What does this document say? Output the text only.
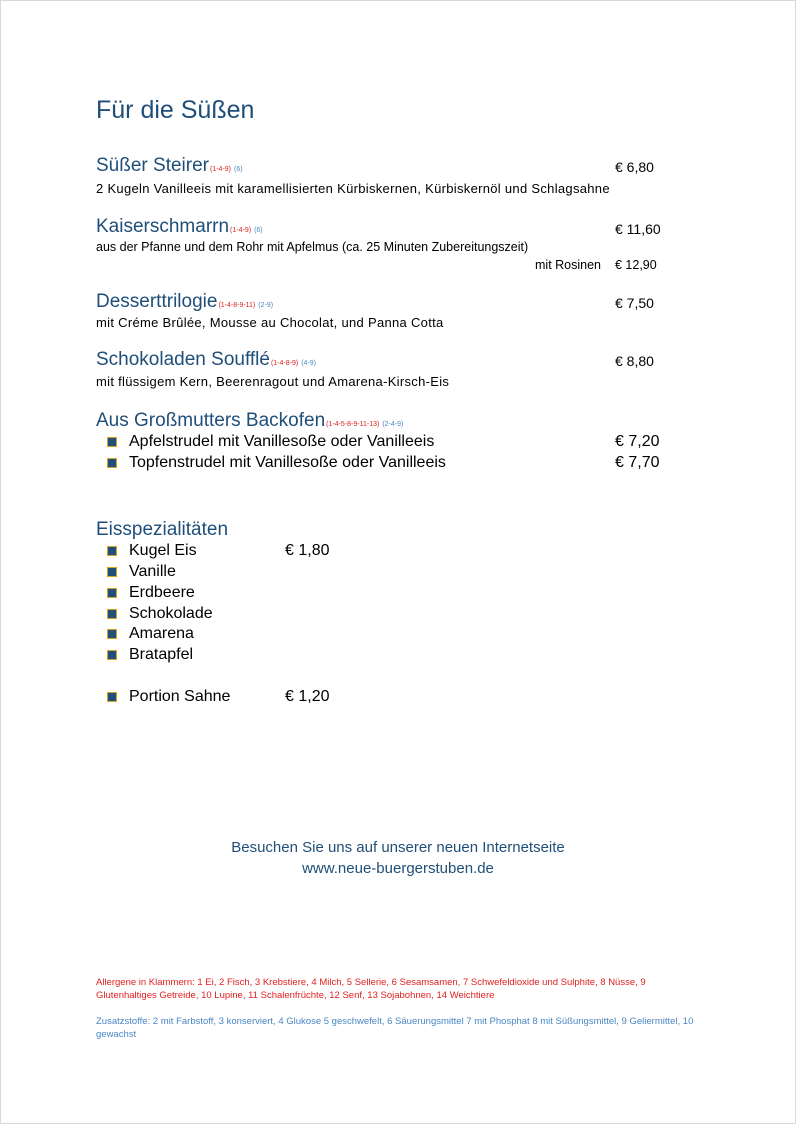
Für die Süßen
Süßer Steirer(1-4-9) (6)	€ 6,80
2 Kugeln Vanilleeis mit karamellisierten Kürbiskernen, Kürbiskernöl und Schlagsahne
Kaiserschmarrn(1-4-9) (6)	€ 11,60
aus der Pfanne und dem Rohr mit Apfelmus (ca. 25 Minuten Zubereitungszeit)
mit Rosinen € 12,90
Desserttrilogie(1-4-8-9-11) (2-9)	€ 7,50
mit Créme Brûlée, Mousse au Chocolat, und Panna Cotta
Schokoladen Soufflé(1-4-8-9) (4-9)	€ 8,80
mit flüssigem Kern, Beerenragout und Amarena-Kirsch-Eis
Aus Großmutters Backofen(1-4-5-8-9-11-13) (2-4-9)
Apfelstrudel mit Vanillesoße oder Vanilleeis	€ 7,20
Topfenstrudel mit Vanillesoße oder Vanilleeis	€ 7,70
Eisspezialitäten
Kugel Eis	€ 1,80
Vanille
Erdbeere
Schokolade
Amarena
Bratapfel
Portion Sahne	€ 1,20
Besuchen Sie uns auf unserer neuen Internetseite
www.neue-buergerstuben.de
Allergene in Klammern: 1 Ei, 2 Fisch, 3 Krebstiere, 4 Milch, 5 Sellerie, 6 Sesamsamen, 7 Schwefeldioxide und Sulphite, 8 Nüsse, 9 Glutenhaltiges Getreide, 10 Lupine, 11 Schalenfrüchte, 12 Senf, 13 Sojabohnen, 14 Weichtiere
Zusatzstoffe: 2 mit Farbstoff, 3 konserviert, 4 Glukose 5 geschwefelt, 6 Säuerungsmittel 7 mit Phosphat 8 mit Süßungsmittel, 9 Geliermittel, 10 gewachst
